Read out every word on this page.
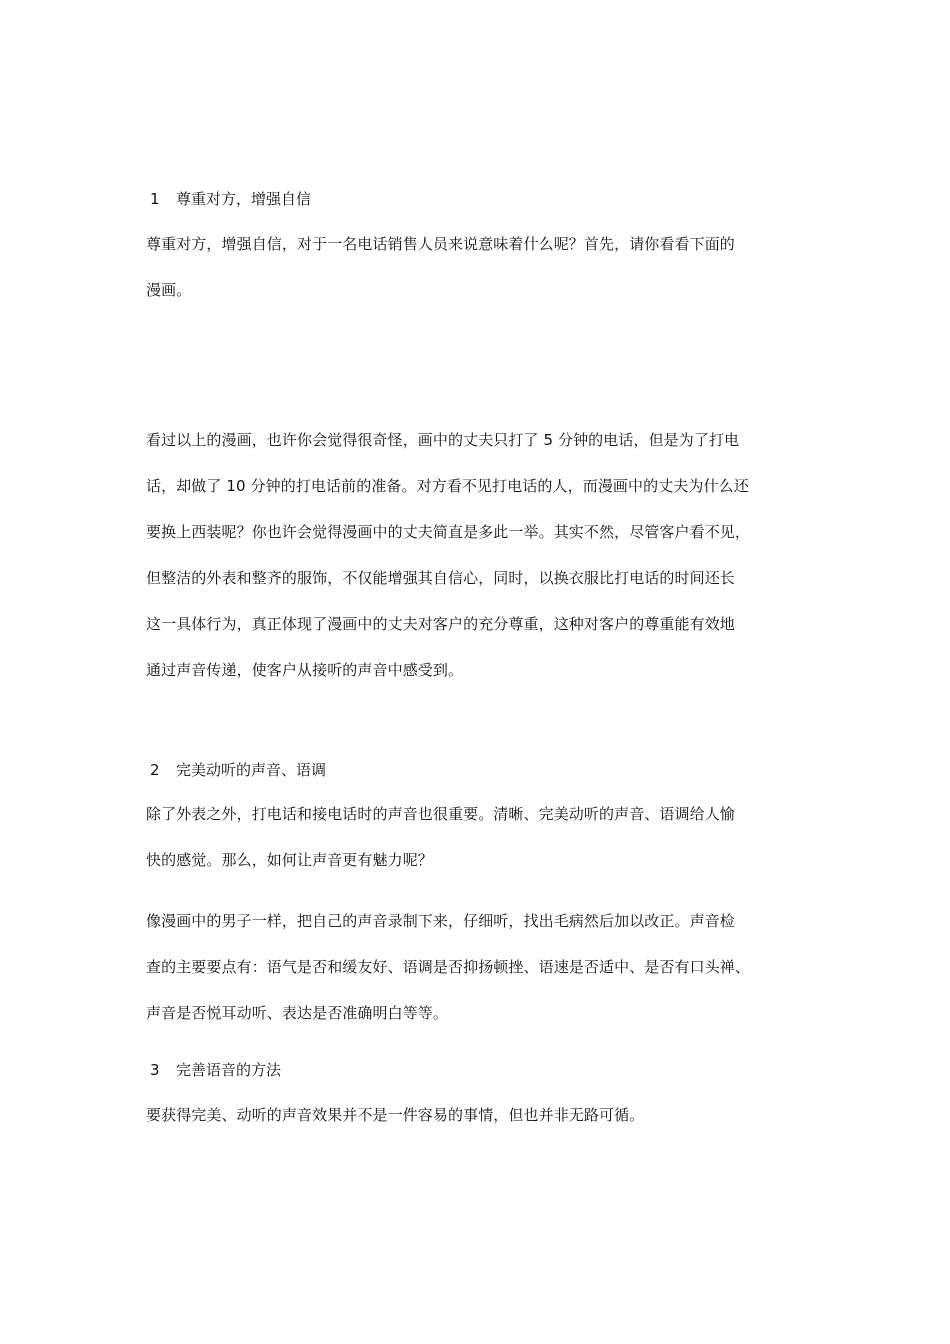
1 尊重对方，增强自信
尊重对方，增强自信，对于一名电话销售人员来说意味着什么呢？首先，请你看看下面的
漫画。
看过以上的漫画，也许你会觉得很奇怪，画中的丈夫只打了 5 分钟的电话，但是为了打电
话，却做了 10 分钟的打电话前的准备。对方看不见打电话的人，而漫画中的丈夫为什么还
要换上西装呢？你也许会觉得漫画中的丈夫简直是多此一举。其实不然，尽管客户看不见，
但整洁的外表和整齐的服饰，不仅能增强其自信心，同时，以换衣服比打电话的时间还长
这一具体行为，真正体现了漫画中的丈夫对客户的充分尊重，这种对客户的尊重能有效地
通过声音传递，使客户从接听的声音中感受到。
2 完美动听的声音、语调
除了外表之外，打电话和接电话时的声音也很重要。清晰、完美动听的声音、语调给人愉
快的感觉。那么，如何让声音更有魅力呢？
像漫画中的男子一样，把自己的声音录制下来，仔细听，找出毛病然后加以改正。声音检
查的主要要点有：语气是否和缓友好、语调是否抑扬顿挫、语速是否适中、是否有口头禅、
声音是否悦耳动听、表达是否准确明白等等。
3 完善语音的方法
要获得完美、动听的声音效果并不是一件容易的事情，但也并非无路可循。
